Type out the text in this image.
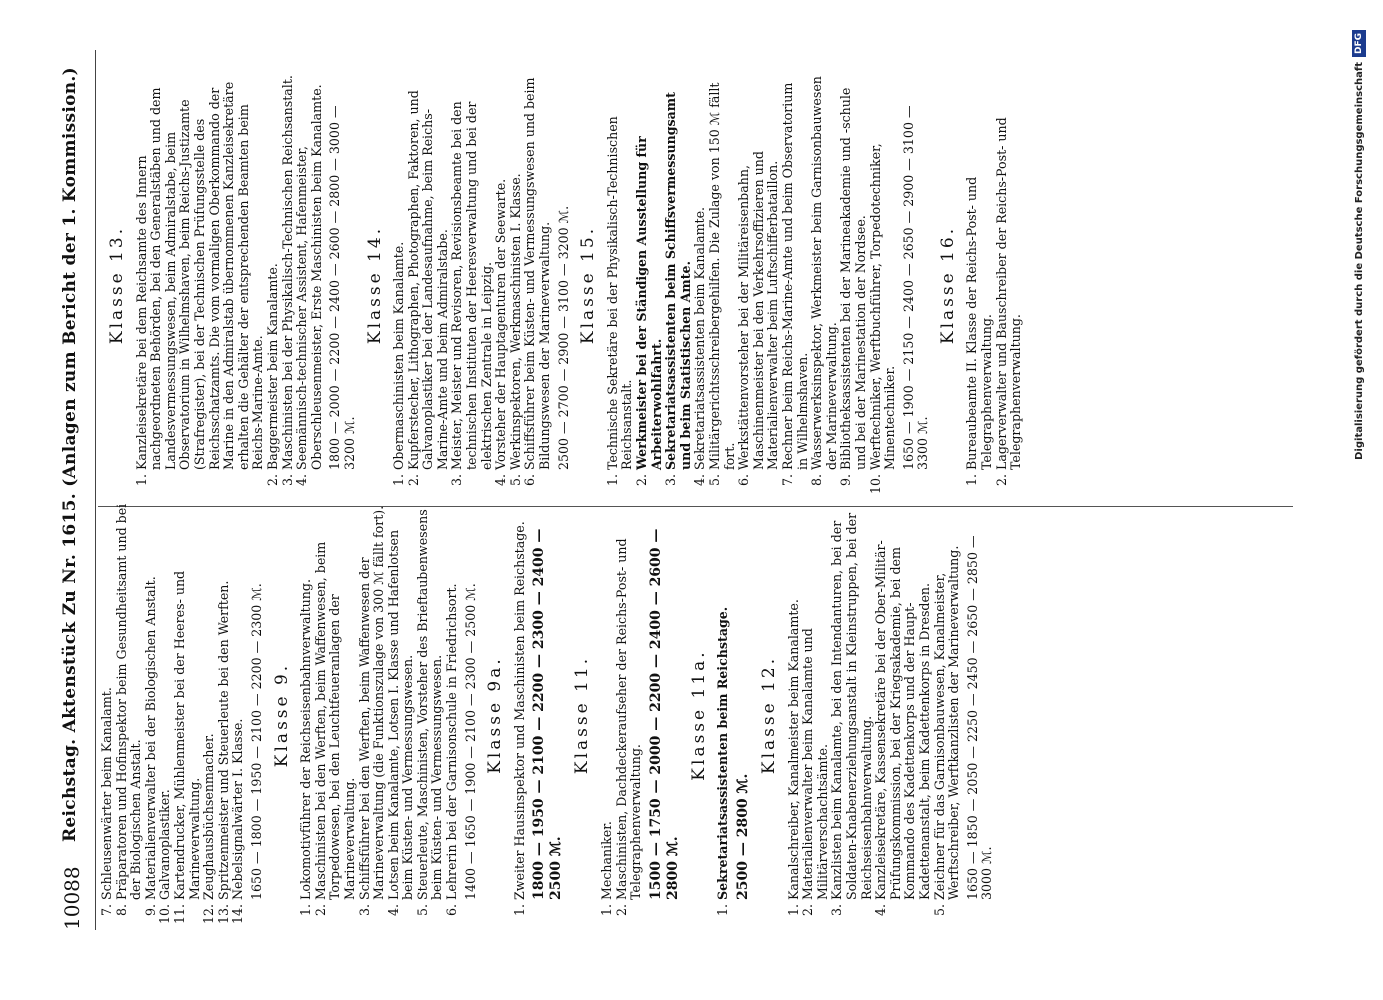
10088
Reichstag. Aktenstück Zu Nr. 1615. (Anlagen zum Bericht der 1. Kommission.)
7.
Schleusenwärter beim Kanalamt.
8.
Präparatoren und Hofinspektor beim Gesundheitsamt und bei der Biologischen Anstalt.
9.
Materialienverwalter bei der Biologischen Anstalt.
10.
Galvanoplastiker.
11.
Kartendrucker, Mühlenmeister bei der Heeres- und Marineverwaltung.
12.
Zeughausbüchsenmacher.
13.
Spritzenmeister und Steuerleute bei den Werften.
14.
Nebelsignalwärter I. Klasse. 1650 — 1800 — 1950 — 2100 — 2200 — 2300 ℳ. Klasse 9.
1.
Lokomotivführer der Reichseisenbahnverwaltung.
2.
Maschinisten bei den Werften, beim Waffenwesen, beim Torpedowesen, bei den Leuchtfeueranlagen der Marineverwaltung.
3.
Schiffsführer bei den Werften, beim Waffenwesen der Marineverwaltung (die Funktionszulage von 300 ℳ fällt fort).
4.
Lotsen beim Kanalamte, Lotsen I. Klasse und Hafenlotsen beim Küsten- und Vermessungswesen.
5.
Steuerleute, Maschinisten, Vorsteher des Brieftaubenwesens beim Küsten- und Vermessungswesen.
6.
Lehrerin bei der Garnisonschule in Friedrichsort. 1400 — 1650 — 1900 — 2100 — 2300 — 2500 ℳ. Klasse 9a.
1.
Zweiter Hausinspektor und Maschinisten beim Reichstage. 1800 — 1950 — 2100 — 2200 — 2300 — 2400 — 2500 ℳ.
Klasse 11.
1.
Mechaniker.
2.
Maschinisten, Dachdeckeraufseher der Reichs-Post- und Telegraphenverwaltung. 1500 — 1750 — 2000 — 2200 — 2400 — 2600 — 2800 ℳ.
Klasse 11a.
1.
Sekretariatsassistenten beim Reichstage. 2500 — 2800 ℳ.
Klasse 12.
1.
Kanalschreiber, Kanalmeister beim Kanalamte.
2.
Materialienverwalter beim Kanalamte und Militärverschachtsämte.
3.
Kanzlisten beim Kanalamte, bei den Intendanturen, bei der Soldaten-Knabenerziehungsanstalt in Kleinstruppen, bei der Reichseisenbahnverwaltung.
4.
Kanzleisekretäre, Kassensekretäre bei der Ober-Militär-Prüfungskommission, bei der Kriegsakademie, bei dem Kommando des Kadettenkorps und der Haupt-Kadettenanstalt, beim Kadettenkorps in Dresden.
5.
Zeichner für das Garnisonbauwesen, Kanalmeister, Werftschreiber, Werftkanzlisten der Marineverwaltung. 1650 — 1850 — 2050 — 2250 — 2450 — 2650 — 2850 — 3000 ℳ.
Klasse 13.
1.
Kanzleisekretäre bei dem Reichsamte des Innern nachgeordneten Behörden, bei den Generalstäben und dem Landesvermessungswesen, beim Admiralstabe, beim Observatorium in Wilhelmshaven, beim Reichs-Justizamte (Strafregister), bei der Technischen Prüfungsstelle des Reichsschatzamts. Die vom vormaligen Oberkommando der Marine in den Admiralstab übernommenen Kanzleisekretäre erhalten die Gehälter der entsprechenden Beamten beim Reichs-Marine-Amte.
2.
Baggermeister beim Kanalamte.
3.
Maschinisten bei der Physikalisch-Technischen Reichsanstalt.
4.
Seemännisch-technischer Assistent, Hafenmeister, Oberschleusenmeister, Erste Maschinisten beim Kanalamte. 1800 — 2000 — 2200 — 2400 — 2600 — 2800 — 3000 — 3200 ℳ.
Klasse 14.
1.
Obermaschinisten beim Kanalamte.
2.
Kupferstecher, Lithographen, Photographen, Faktoren, und Galvanoplastiker bei der Landesaufnahme, beim Reichs-Marine-Amte und beim Admiralstabe.
3.
Meister, Meister und Revisoren, Revisionsbeamte bei den technischen Instituten der Heeresverwaltung und bei der elektrischen Zentrale in Leipzig.
4.
Vorsteher der Hauptagenturen der Seewarte.
5.
Werkinspektoren, Werkmaschinisten I. Klasse.
6.
Schiffsführer beim Küsten- und Vermessungswesen und beim Bildungswesen der Marineverwaltung. 2500 — 2700 — 2900 — 3100 — 3200 ℳ. Klasse 15.
1.
Technische Sekretäre bei der Physikalisch-Technischen Reichsanstalt.
2.
Werkmeister bei der Ständigen Ausstellung für Arbeiterwohlfahrt.
3.
Sekretariatsassistenten beim Schiffsvermessungsamt und beim Statistischen Amte.
4.
Sekretariatsassistenten beim Kanalamte.
5.
Militärgerichtsschreibergehilfen. Die Zulage von 150 ℳ fällt fort.
6.
Werkstättenvorsteher bei der Militäreisenbahn, Maschinenmeister bei den Verkehrsoffizieren und Materialienverwalter beim Luftschifferbataillon.
7.
Rechner beim Reichs-Marine-Amte und beim Observatorium in Wilhelmshaven.
8.
Wasserwerksinspektor, Werkmeister beim Garnisonbauwesen der Marineverwaltung.
9.
Bibliotheksassistenten bei der Marineakademie und -schule und bei der Marinestation der Nordsee.
10.
Werftechniker, Werftbuchführer, Torpedotechniker, Minentechniker. 1650 — 1900 — 2150 — 2400 — 2650 — 2900 — 3100 — 3300 ℳ.
Klasse 16.
1.
Bureaubeamte II. Klasse der Reichs-Post- und Telegraphenverwaltung.
2.
Lagerverwalter und Bauschreiber der Reichs-Post- und Telegraphenverwaltung.	Digitalisierung gefördert durch die Deutsche Forschungsgemeinschaft
DFG
